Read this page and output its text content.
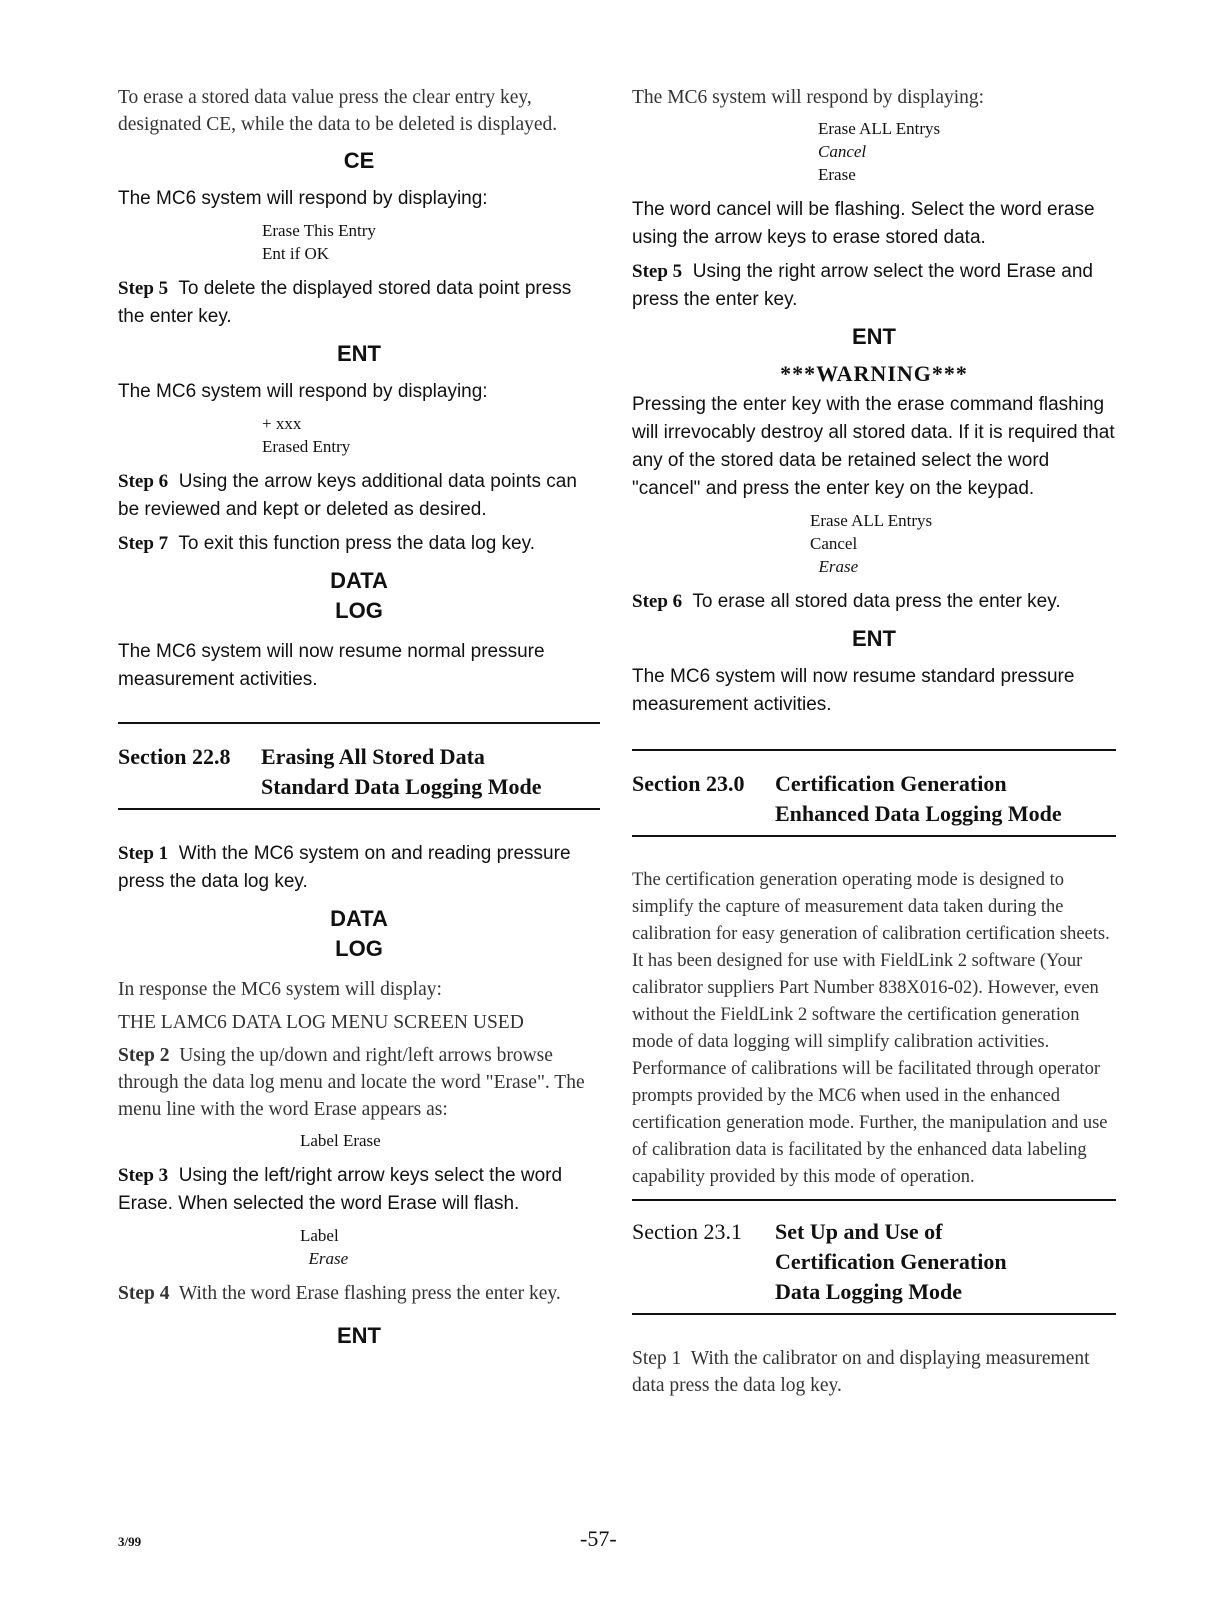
To erase a stored data value press the clear entry key, designated CE, while the data to be deleted is displayed.

CE

The MC6 system will respond by displaying:

Erase This Entry
Ent if OK

Step 5 To delete the displayed stored data point press the enter key.

ENT

The MC6 system will respond by displaying:

+ xxx
Erased Entry

Step 6 Using the arrow keys additional data points can be reviewed and kept or deleted as desired.

Step 7 To exit this function press the data log key.

DATA
LOG

The MC6 system will now resume normal pressure measurement activities.

Section 22.8	Erasing All Stored Data
Standard Data Logging Mode

Step 1 With the MC6 system on and reading pressure press the data log key.

DATA
LOG

In response the MC6 system will display:

THE LAMC6 DATA LOG MENU SCREEN USED

Step 2 Using the up/down and right/left arrows browse through the data log menu and locate the word "Erase". The menu line with the word Erase appears as:

Label Erase

Step 3 Using the left/right arrow keys select the word Erase. When selected the word Erase will flash.

Label
Erase

Step 4 With the word Erase flashing press the enter key.

ENT

The MC6 system will respond by displaying:

Erase ALL Entrys
Cancel
Erase

The word cancel will be flashing. Select the word erase using the arrow keys to erase stored data.

Step 5 Using the right arrow select the word Erase and press the enter key.

ENT
***WARNING***

Pressing the enter key with the erase command flashing will irrevocably destroy all stored data. If it is required that any of the stored data be retained select the word "cancel" and press the enter key on the keypad.

Erase ALL Entrys
Cancel
Erase

Step 6 To erase all stored data press the enter key.

ENT

The MC6 system will now resume standard pressure measurement activities.

Section 23.0	Certification Generation
Enhanced Data Logging Mode

The certification generation operating mode is designed to simplify the capture of measurement data taken during the calibration for easy generation of calibration certification sheets. It has been designed for use with FieldLink 2 software (Your calibrator suppliers Part Number 838X016-02). However, even without the FieldLink 2 software the certification generation mode of data logging will simplify calibration activities. Performance of calibrations will be facilitated through operator prompts provided by the MC6 when used in the enhanced certification generation mode. Further, the manipulation and use of calibration data is facilitated by the enhanced data labeling capability provided by this mode of operation.

Section 23.1	Set Up and Use of
Certification Generation
Data Logging Mode

Step 1 With the calibrator on and displaying measurement data press the data log key.

3/99	-57-
